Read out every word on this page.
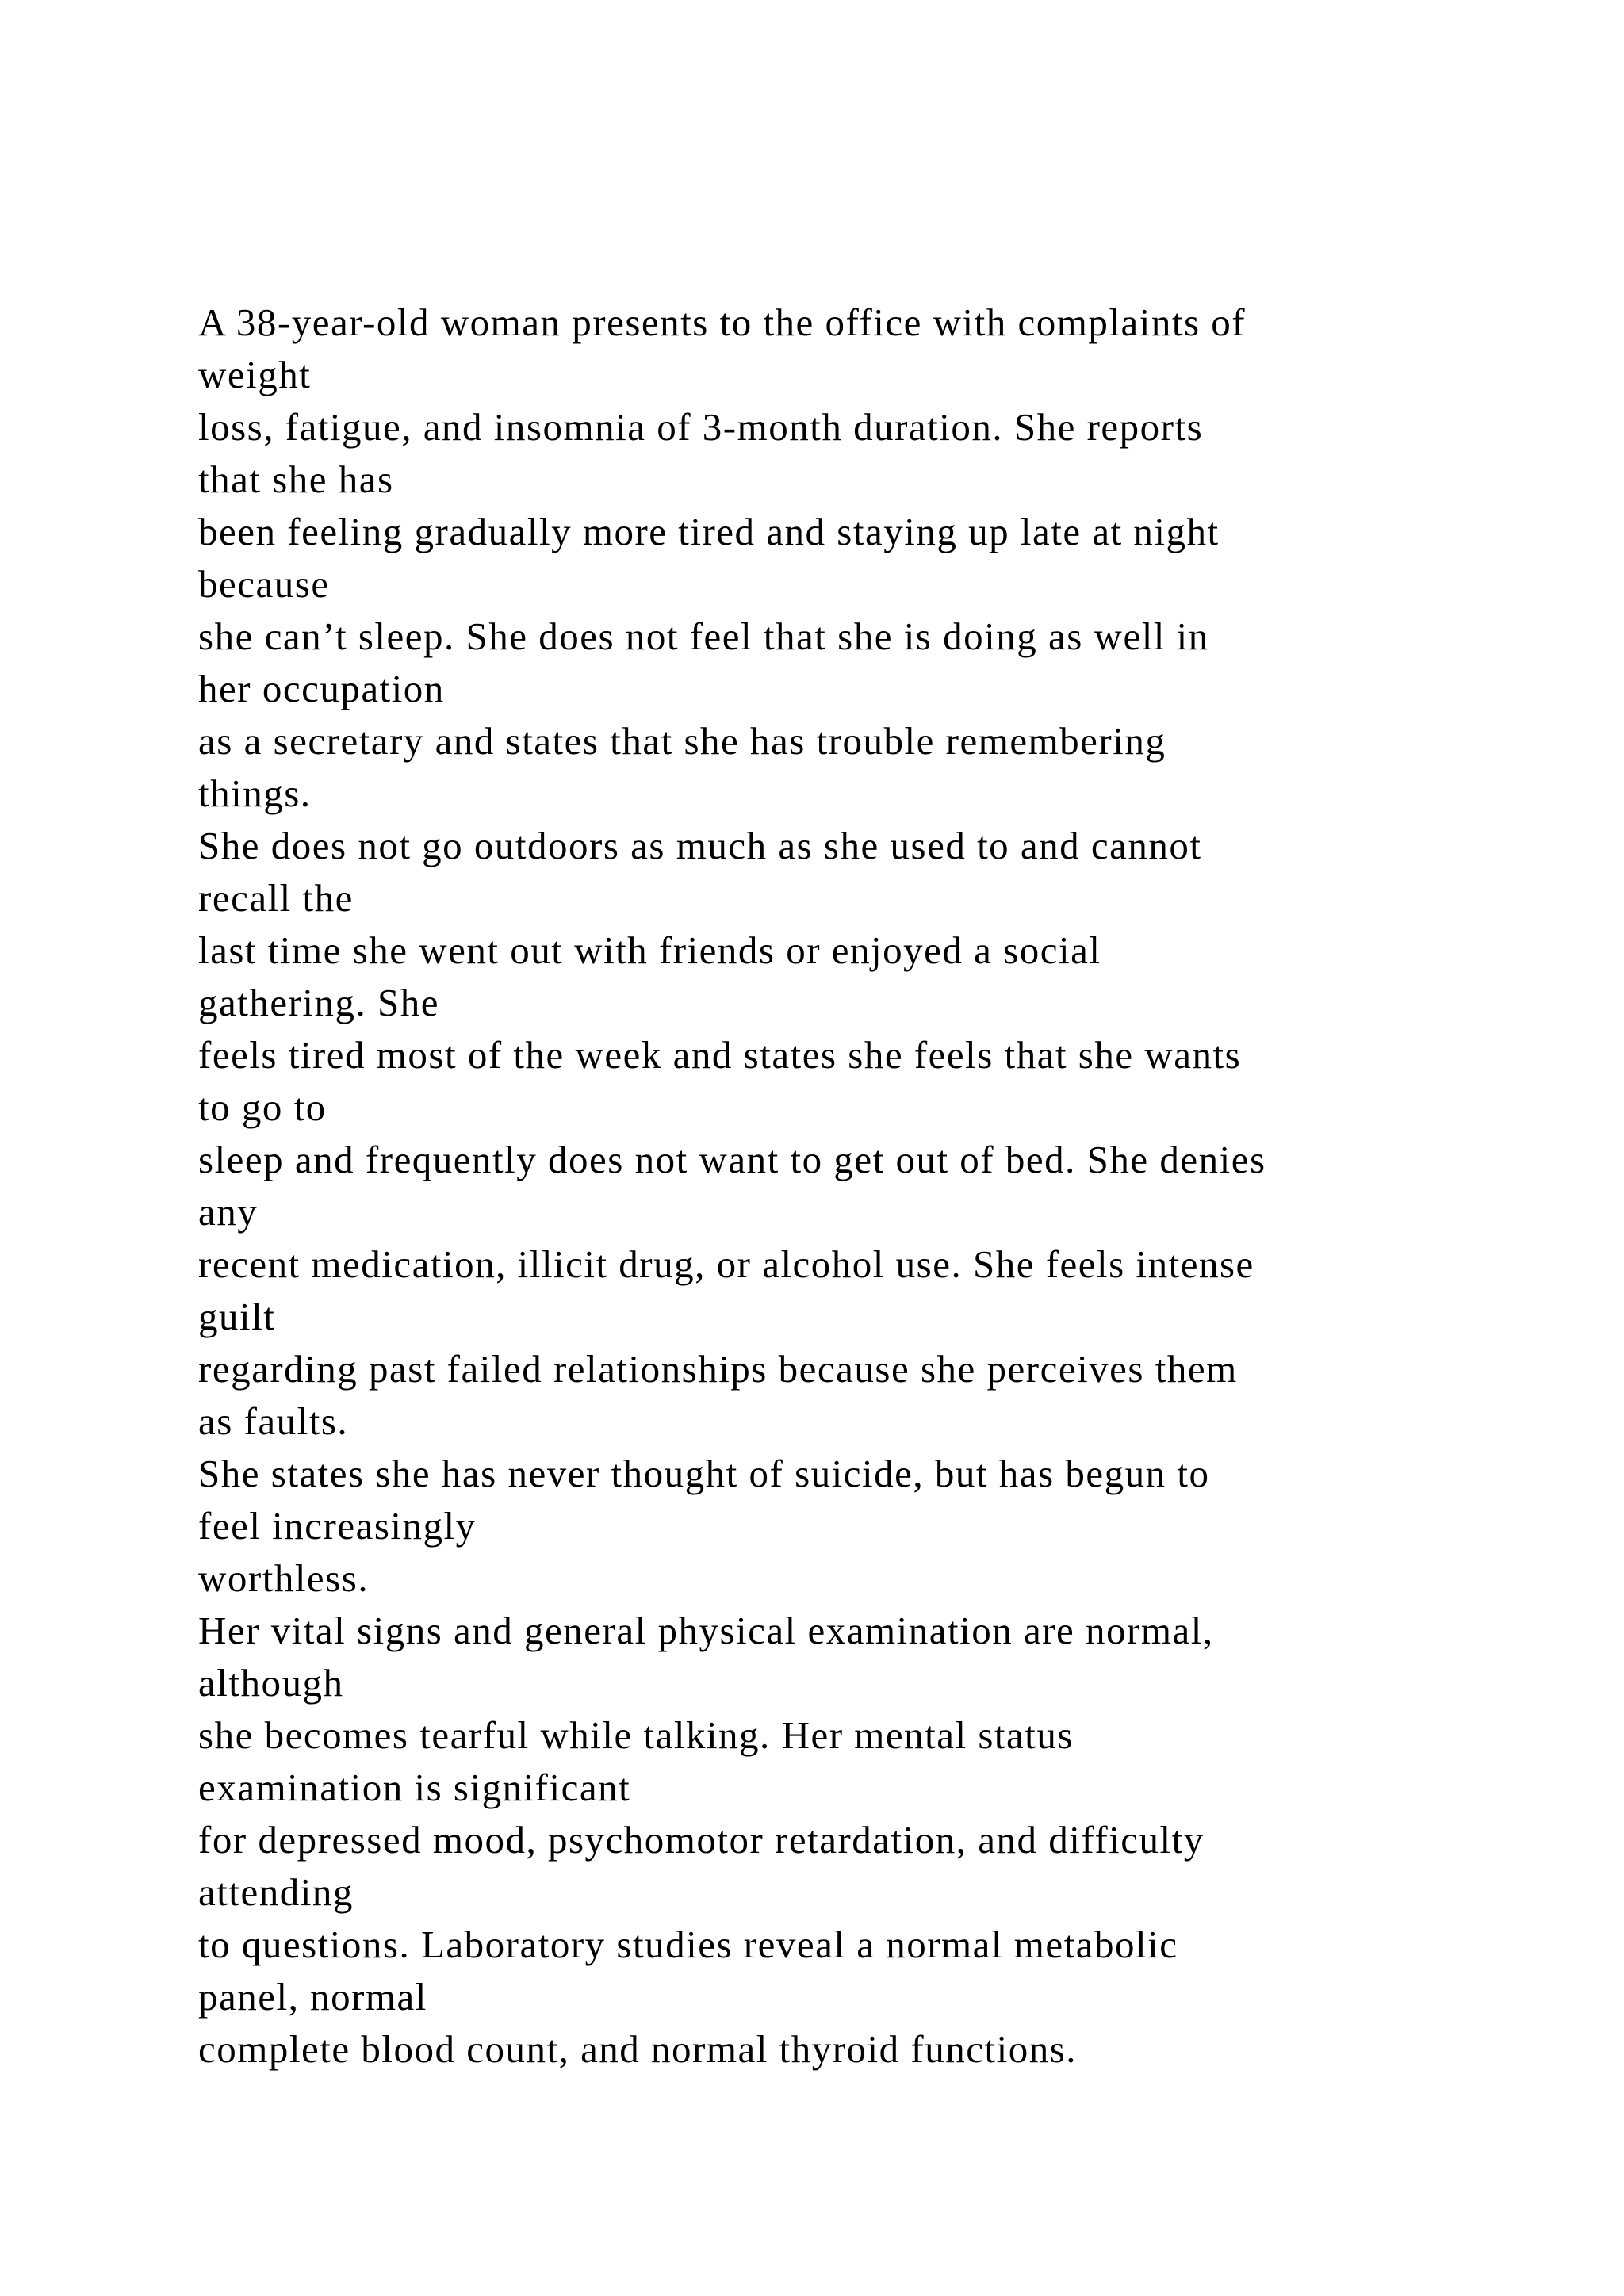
A 38-year-old woman presents to the office with complaints of
weight
loss, fatigue, and insomnia of 3-month duration. She reports
that she has
been feeling gradually more tired and staying up late at night
because
she can’t sleep. She does not feel that she is doing as well in
her occupation
as a secretary and states that she has trouble remembering
things.
She does not go outdoors as much as she used to and cannot
recall the
last time she went out with friends or enjoyed a social
gathering. She
feels tired most of the week and states she feels that she wants
to go to
sleep and frequently does not want to get out of bed. She denies
any
recent medication, illicit drug, or alcohol use. She feels intense
guilt
regarding past failed relationships because she perceives them
as faults.
She states she has never thought of suicide, but has begun to
feel increasingly
worthless.
Her vital signs and general physical examination are normal,
although
she becomes tearful while talking. Her mental status
examination is significant
for depressed mood, psychomotor retardation, and difficulty
attending
to questions. Laboratory studies reveal a normal metabolic
panel, normal
complete blood count, and normal thyroid functions.
